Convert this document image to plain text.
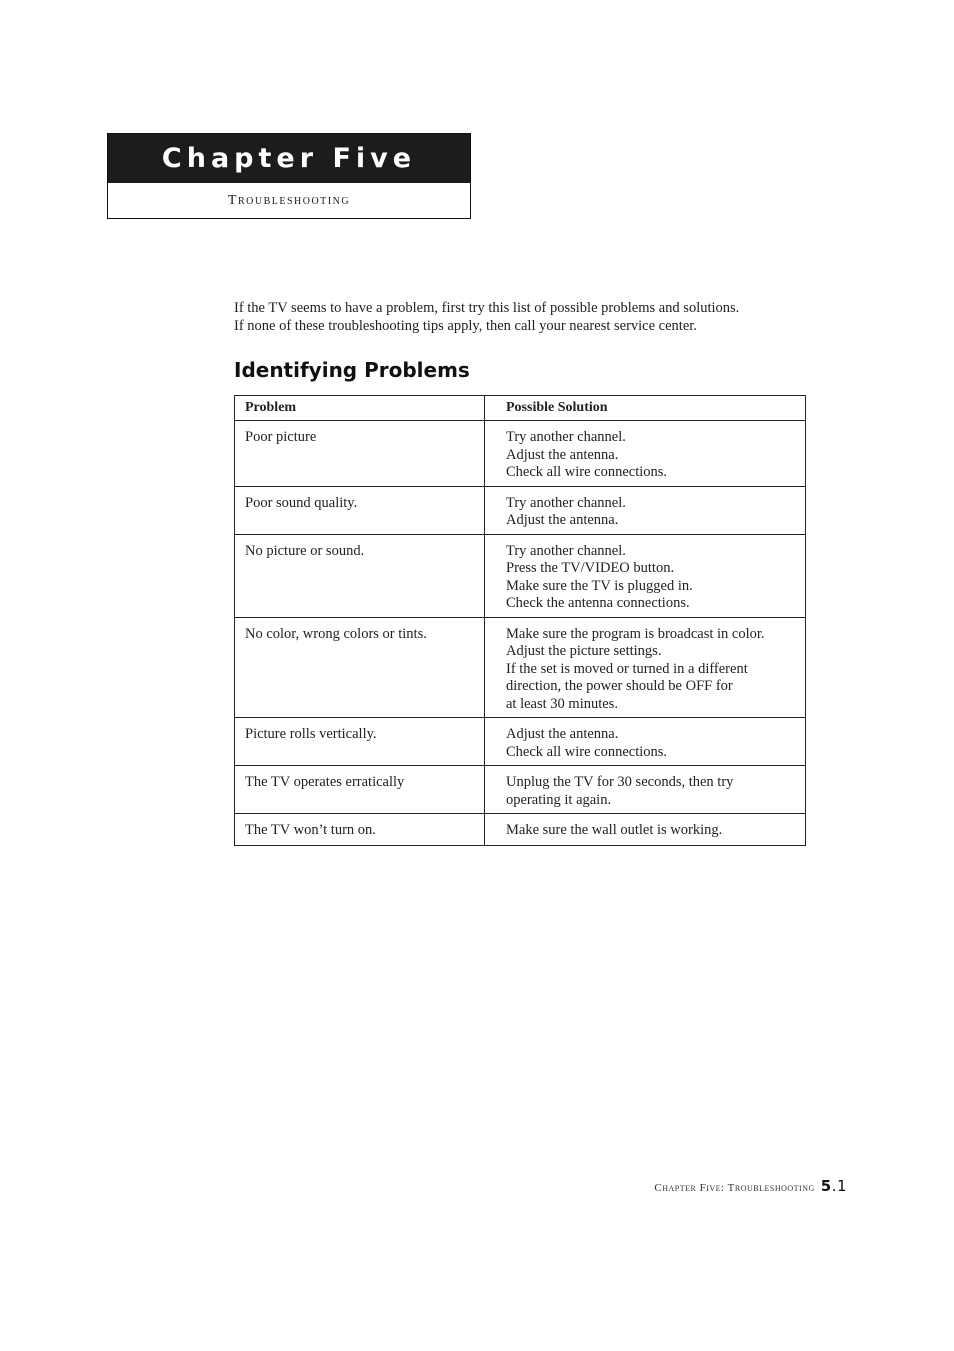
Chapter Five
Troubleshooting

If the TV seems to have a problem, first try this list of possible problems and solutions.

If none of these troubleshooting tips apply, then call your nearest service center.

Identifying Problems
Problem	Possible Solution
Poor picture	Try another channel.
Adjust the antenna.
Check all wire connections.

Poor sound quality.	Try another channel.
Adjust the antenna.

No picture or sound.	Try another channel.
Press the TV/VIDEO button.
Make sure the TV is plugged in.
Check the antenna connections.

No color, wrong colors or tints.	Make sure the program is broadcast in color.
Adjust the picture settings.
If the set is moved or turned in a different
direction, the power should be OFF for
at least 30 minutes.

Picture rolls vertically.	Adjust the antenna.
Check all wire connections.

The TV operates erratically	Unplug the TV for 30 seconds, then try
operating it again.

The TV won’t turn on.	Make sure the wall outlet is working.
Chapter Five: Troubleshooting 5.1
